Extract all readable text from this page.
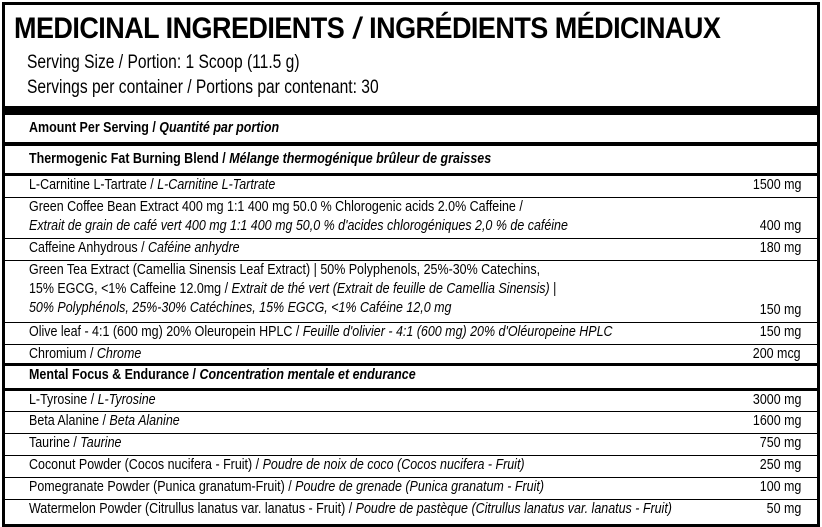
MEDICINAL INGREDIENTS / INGRÉDIENTS MÉDICINAUX
Serving Size / Portion: 1 Scoop (11.5 g)
Servings per container / Portions par contenant: 30
Amount Per Serving / Quantité par portion
Thermogenic Fat Burning Blend / Mélange thermogénique brûleur de graisses
L-Carnitine L-Tartrate / L-Carnitine L-Tartrate	1500 mg
Green Coffee Bean Extract 400 mg 1:1 400 mg 50.0 % Chlorogenic acids 2.0% Caffeine /
Extrait de grain de café vert 400 mg 1:1 400 mg 50,0 % d'acides chlorogéniques 2,0 % de caféine	400 mg
Caffeine Anhydrous / Caféine anhydre	180 mg
Green Tea Extract (Camellia Sinensis Leaf Extract) | 50% Polyphenols, 25%-30% Catechins,
15% EGCG, <1% Caffeine 12.0mg / Extrait de thé vert (Extrait de feuille de Camellia Sinensis) |
50% Polyphénols, 25%-30% Catéchines, 15% EGCG, <1% Caféine 12,0 mg	150 mg
Olive leaf - 4:1 (600 mg) 20% Oleuropein HPLC / Feuille d'olivier - 4:1 (600 mg) 20% d'Oléuropeine HPLC	150 mg
Chromium / Chrome	200 mcg
Mental Focus & Endurance / Concentration mentale et endurance
L-Tyrosine / L-Tyrosine	3000 mg
Beta Alanine / Beta Alanine	1600 mg
Taurine / Taurine	750 mg
Coconut Powder (Cocos nucifera - Fruit) / Poudre de noix de coco (Cocos nucifera - Fruit)	250 mg
Pomegranate Powder (Punica granatum-Fruit) / Poudre de grenade (Punica granatum - Fruit)	100 mg
Watermelon Powder (Citrullus lanatus var. lanatus - Fruit) / Poudre de pastèque (Citrullus lanatus var. lanatus - Fruit)	50 mg
